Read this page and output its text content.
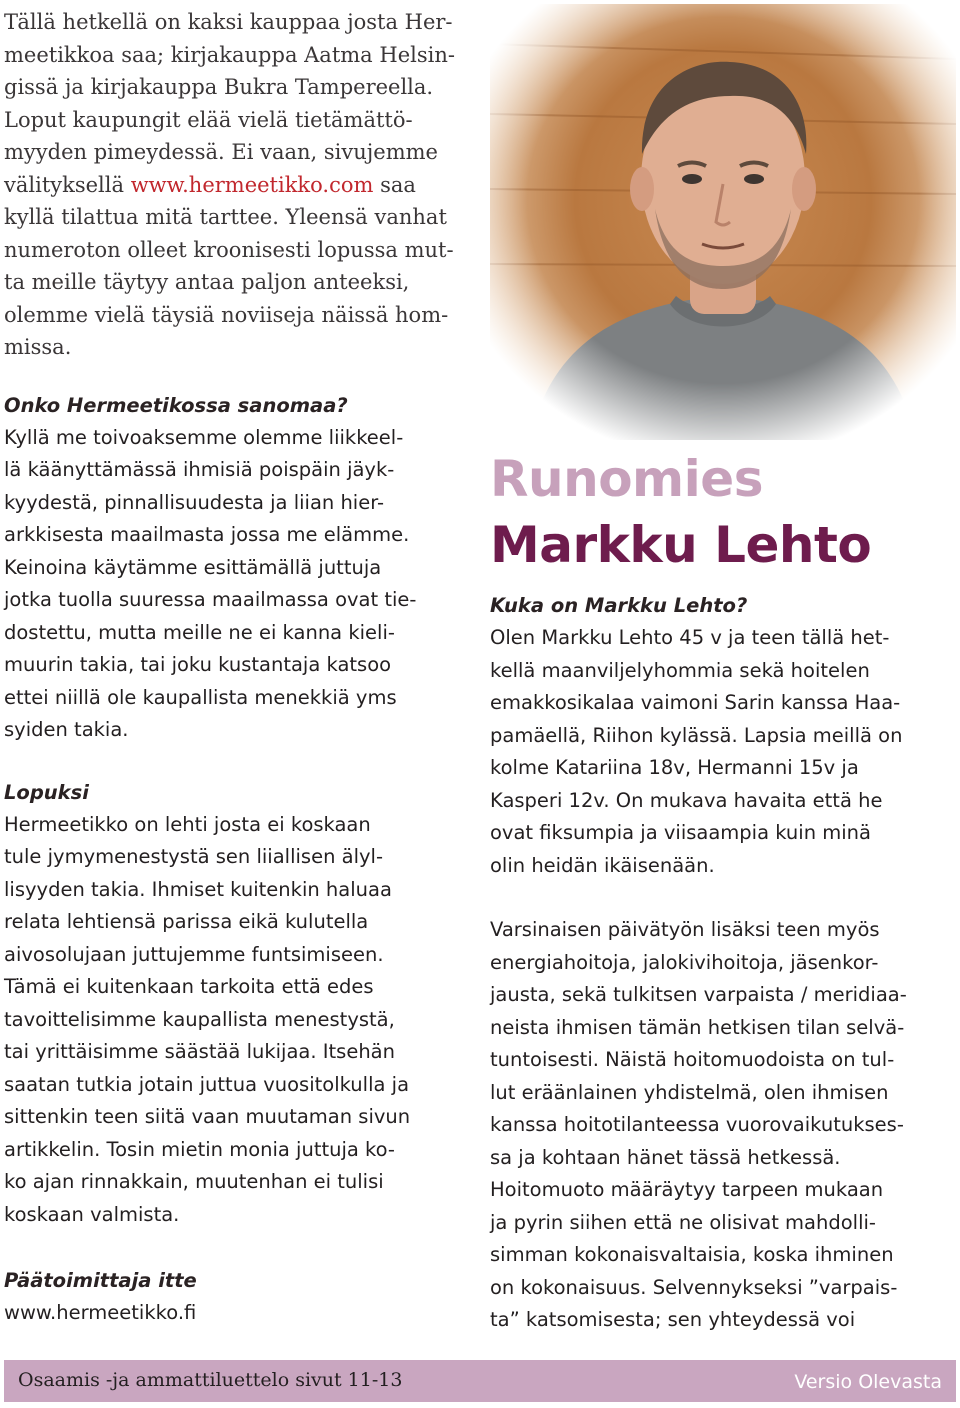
Tällä hetkellä on kaksi kauppaa josta Her-

meetikkoa saa; kirjakauppa Aatma Helsin-

gissä ja kirjakauppa Bukra Tampereella.

Loput kaupungit elää vielä tietämättö-

myyden pimeydessä. Ei vaan, sivujemme

välityksellä www.hermeetikko.com saa

kyllä tilattua mitä tarttee. Yleensä vanhat

numeroton olleet kroonisesti lopussa mut-

ta meille täytyy antaa paljon anteeksi,

olemme vielä täysiä noviiseja näissä hom-

missa.

Onko Hermeetikossa sanomaa?

Kyllä me toivoaksemme olemme liikkeel-

lä käänyttämässä ihmisiä poispäin jäyk-

kyydestä, pinnallisuudesta ja liian hier-

arkkisesta maailmasta jossa me elämme.

Keinoina käytämme esittämällä juttuja

jotka tuolla suuressa maailmassa ovat tie-

dostettu, mutta meille ne ei kanna kieli-

muurin takia, tai joku kustantaja katsoo

ettei niillä ole kaupallista menekkiä yms

syiden takia.

Lopuksi

Hermeetikko on lehti josta ei koskaan

tule jymymenestystä sen liiallisen älyl-

lisyyden takia. Ihmiset kuitenkin haluaa

relata lehtiensä parissa eikä kulutella

aivosolujaan juttujemme funtsimiseen.

Tämä ei kuitenkaan tarkoita että edes

tavoittelisimme kaupallista menestystä,

tai yrittäisimme säästää lukijaa. Itsehän

saatan tutkia jotain juttua vuositolkulla ja

sittenkin teen siitä vaan muutaman sivun

artikkelin. Tosin mietin monia juttuja ko-

ko ajan rinnakkain, muutenhan ei tulisi

koskaan valmista.

Päätoimittaja itte

www.hermeetikko.fi

Runomies
Markku Lehto
Kuka on Markku Lehto?

Olen Markku Lehto 45 v ja teen tällä het-

kellä maanviljelyhommia sekä hoitelen

emakkosikalaa vaimoni Sarin kanssa Haa-

pamäellä, Riihon kylässä. Lapsia meillä on

kolme Katariina 18v, Hermanni 15v ja

Kasperi 12v. On mukava havaita että he

ovat fiksumpia ja viisaampia kuin minä

olin heidän ikäisenään.

Varsinaisen päivätyön lisäksi teen myös

energiahoitoja, jalokivihoitoja, jäsenkor-

jausta, sekä tulkitsen varpaista / meridiaa-

neista ihmisen tämän hetkisen tilan selvä-

tuntoisesti. Näistä hoitomuodoista on tul-

lut eräänlainen yhdistelmä, olen ihmisen

kanssa hoitotilanteessa vuorovaikutukses-

sa ja kohtaan hänet tässä hetkessä.

Hoitomuoto määräytyy tarpeen mukaan

ja pyrin siihen että ne olisivat mahdolli-

simman kokonaisvaltaisia, koska ihminen

on kokonaisuus. Selvennykseksi ”varpais-

ta” katsomisesta; sen yhteydessä voi

Osaamis -ja ammattiluettelo sivut 11-13	Versio Olevasta
